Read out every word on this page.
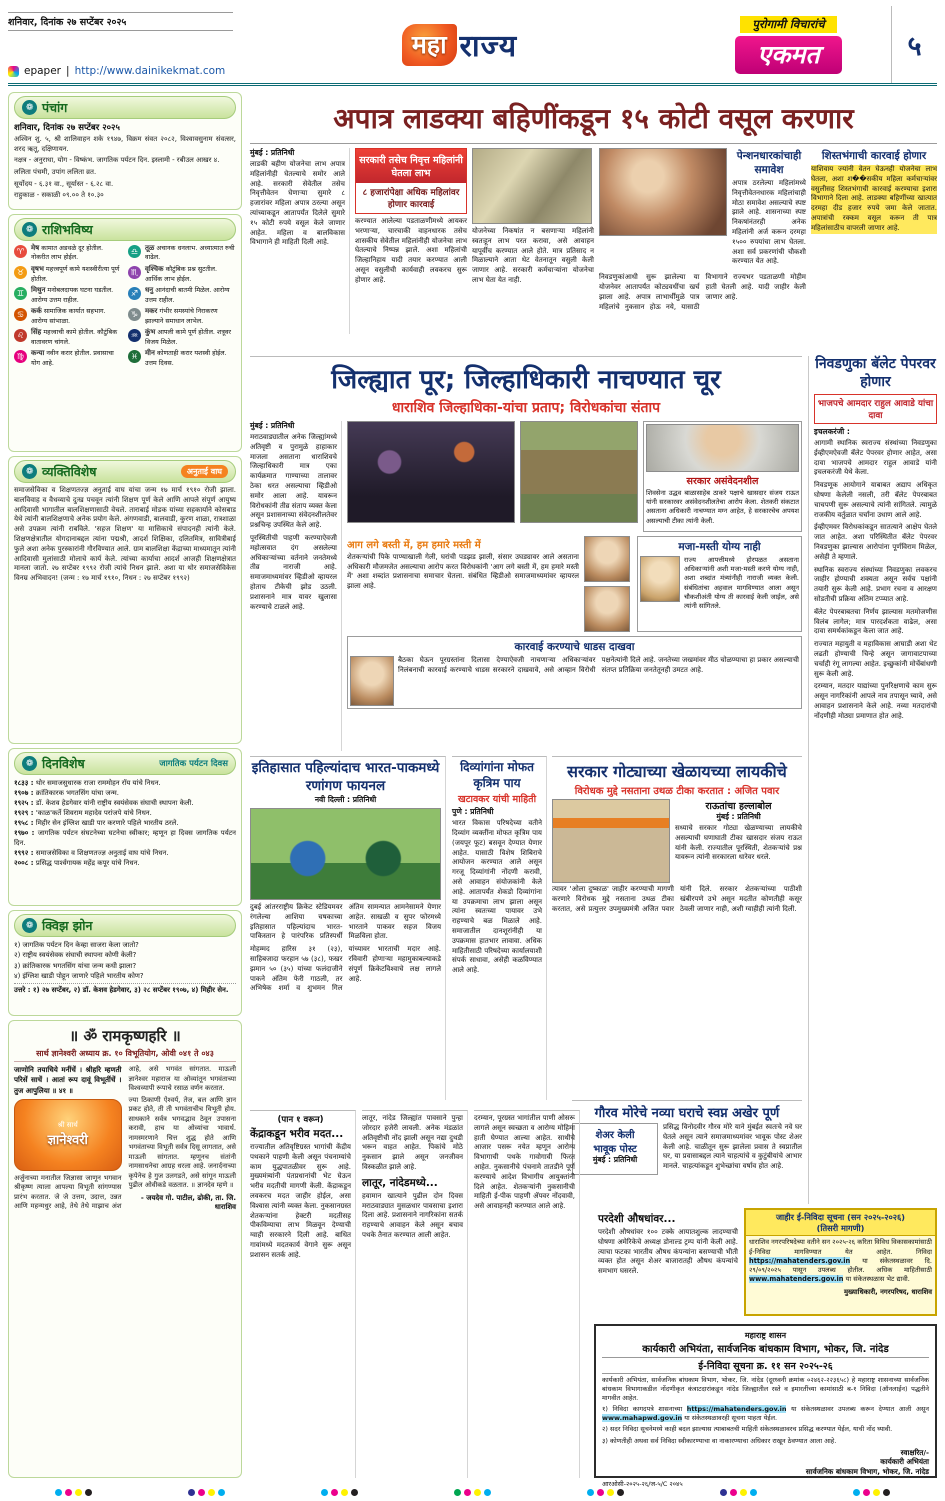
शनिवार, दिनांक २७ सप्टेंबर २०२५
epaper | http://www.dainikekmat.com
महा राज्य
पुरोगामी विचारांचे
एकमत	५
❁ पंचांग
शनिवार, दिनांक २७ सप्टेंबर २०२५
अश्विन शु. ५, श्री शालिवाहन शके १९४७, विक्रम संवत २०८२, विश्वावसुनाम संवत्सर, शरद ऋतू, दक्षिणायन.
नक्षत्र - अनुराधा, योग - विष्कंभ. जागतिक पर्यटन दिन. इस्लामी - रबीउल आखर ४.
ललिता पंचमी, उपांग ललिता व्रत.
सूर्योदय - ६.३१ वा., सूर्यास्त - ६.२८ वा.
राहुकाळ - सकाळी ०९.०० ते १०.३०
❁ राशिभविष्य
♈ मेष कामात अडथळे दूर होतील. नोकरीत लाभ होईल.
♎ तूळ अचानक धनलाभ. अध्यात्मात रुची वाढेल.
♉ वृषभ महत्त्वपूर्ण कामे यशस्वीरीत्या पूर्ण होतील.
♏ वृश्चिक कौटुंबिक प्रश्न सुटतील. आर्थिक लाभ होईल.
♊ मिथुन मनोबलदायक घटना घडतील. आरोग्य उत्तम राहील.
♐ धनु आनंदाची बातमी मिळेल. आरोग्य उत्तम राहील.
♋ कर्क सामाजिक कार्यात सहभाग. आरोग्य सांभाळा.
♑ मकर गंभीर समस्यांचे निराकरण झाल्याने समाधान लाभेल.
♌ सिंह महत्त्वाची कामे होतील. कौटुंबिक वातावरण चांगले.
♒ कुंभ आपली कामे पूर्ण होतील. शत्रूवर विजय मिळेल.
♍ कन्या नवीन करार होतील. प्रवासाचा योग आहे.
♓ मीन कोणताही करार यशस्वी होईल. उत्तम दिवस.
❁ व्यक्तिविशेष	अनुताई वाघ
समाजसेविका व शिक्षणतज्ज्ञ अनुताई वाघ यांचा जन्म १७ मार्च १९१० रोजी झाला. बालविवाह व वैधव्याचे दुःख पचवून त्यांनी शिक्षण पूर्ण केले आणि आपले संपूर्ण आयुष्य आदिवासी भागातील बालशिक्षणासाठी वेचले. ताराबाई मोडक यांच्या सहकार्याने कोसबाड येथे त्यांनी बालशिक्षणाचे अनेक प्रयोग केले. अंगणवाडी, बालवाडी, कुरण शाळा, रात्रशाळा असे उपक्रम त्यांनी राबविले. 'सहज शिक्षण' या मासिकाचे संपादनही त्यांनी केले. शिक्षणक्षेत्रातील योगदानाबद्दल त्यांना पद्मश्री, आदर्श शिक्षिका, दलितमित्र, सावित्रीबाई फुले अशा अनेक पुरस्कारांनी गौरविण्यात आले. ग्राम बालशिक्षा केंद्राच्या माध्यमातून त्यांनी आदिवासी मुलांसाठी मोलाचे कार्य केले. त्यांच्या कार्याचा आदर्श आजही शिक्षणक्षेत्रात मानला जातो. २७ सप्टेंबर १९९२ रोजी त्यांचे निधन झाले. अशा या थोर समाजसेविकेस विनम्र अभिवादन! (जन्म : १७ मार्च १९१०, निधन : २७ सप्टेंबर १९९२)
❁ दिनविशेष	जागतिक पर्यटन दिवस
१८३३ : थोर समाजसुधारक राजा राममोहन रॉय यांचे निधन.
१९०७ : क्रांतिकारक भगतसिंग यांचा जन्म.
१९२५ : डॉ. केशव हेडगेवार यांनी राष्ट्रीय स्वयंसेवक संघाची स्थापना केली.
१९२९ : 'काळ'कर्ते शिवराम महादेव परांजपे यांचे निधन.
१९५८ : मिहीर सेन इंग्लिश खाडी पार करणारे पहिले भारतीय ठरले.
१९७० : जागतिक पर्यटन संघटनेच्या घटनेचा स्वीकार; म्हणून हा दिवस जागतिक पर्यटन दिन.
१९९२ : समाजसेविका व शिक्षणतज्ज्ञ अनुताई वाघ यांचे निधन.
२००८ : प्रसिद्ध पार्श्वगायक महेंद्र कपूर यांचे निधन.
❁ क्विझ झोन
१) जागतिक पर्यटन दिन केव्हा साजरा केला जातो?
२) राष्ट्रीय स्वयंसेवक संघाची स्थापना कोणी केली?
३) क्रांतिकारक भगतसिंग यांचा जन्म कधी झाला?
४) इंग्लिश खाडी पोहून जाणारे पहिले भारतीय कोण?
उत्तरे : १) २७ सप्टेंबर, २) डॉ. केशव हेडगेवार, ३) २८ सप्टेंबर १९०७, ४) मिहीर सेन.
॥ ॐ रामकृष्णहरि ॥
सार्थ ज्ञानेश्वरी अध्याय क्र. १० विभूतियोग, ओवी ०४१ ते ०४३
जाणोनि तयाचिये मनींचें । श्रीहरि म्हणती परिसें साचें । आतां रूप दावूं विभूतींचें । तुज आपुलिया ॥ ४१ ॥
श्री सार्थ
ज्ञानेश्वरी
अर्जुनाच्या मनातील जिज्ञासा जाणून भगवान श्रीकृष्ण त्याला आपल्या विभूती सांगण्यास प्रारंभ करतात. जे जे उत्तम, उदात्त, उन्नत आणि महन्मधुर आहे, तेथे तेथे माझाच अंश आहे, असे भगवंत सांगतात. माऊली ज्ञानेश्वर महाराज या ओव्यांतून भगवंताच्या विश्वव्यापी रूपाचे रसाळ वर्णन करतात.
ज्या ठिकाणी ऐश्वर्य, तेज, बल आणि ज्ञान प्रकट होते, ती ती भगवंताचीच विभूती होय. साधकाने सर्वत्र भगवद्भाव ठेवून उपासना करावी, हाच या ओव्यांचा भावार्थ. नामस्मरणाने चित्त शुद्ध होते आणि भगवंताच्या विभूती सर्वत्र दिसू लागतात, असे माऊली सांगतात. म्हणूनच संतांनी नामसाधनेचा आग्रह धरला आहे. जनार्दनाच्या कृपेनेच हे गुज उलगडते, असे सांगून माऊली पुढील ओवीकडे वळतात. ॥ ज्ञानदेव म्हणे ॥
- जयदेव गो. पाटील, ढोकी, ता. जि. धाराशिव
अपात्र लाडक्या बहिणींकडून १५ कोटी वसूल करणार
मुंबई : प्रतिनिधी

लाडकी बहीण योजनेचा लाभ अपात्र महिलांनीही घेतल्याचे समोर आले आहे. सरकारी सेवेतील तसेच निवृत्तीवेतन घेणाऱ्या सुमारे ८ हजारांवर महिला अपात्र ठरल्या असून त्यांच्याकडून आतापर्यंत दिलेले सुमारे १५ कोटी रुपये वसूल केले जाणार आहेत. महिला व बालविकास विभागाने ही माहिती दिली आहे.

सरकारी तसेच निवृत्त महिलांनी घेतला लाभ
८ हजारांपेक्षा अधिक महिलांवर होणार कारवाई

करण्यात आलेल्या पडताळणीमध्ये आयकर भरणाऱ्या, चारचाकी वाहनधारक तसेच शासकीय सेवेतील महिलांनीही योजनेचा लाभ घेतल्याचे निष्पन्न झाले. अशा महिलांची जिल्हानिहाय यादी तयार करण्यात आली असून वसुलीची कार्यवाही लवकरच सुरू होणार आहे.

योजनेच्या निकषांत न बसणाऱ्या महिलांनी स्वतःहून लाभ परत करावा, असे आवाहन यापूर्वीच करण्यात आले होते. मात्र प्रतिसाद न मिळाल्याने आता थेट वेतनातून वसुली केली जाणार आहे. सरकारी कर्मचाऱ्यांना योजनेचा लाभ घेता येत नाही.

पेन्शनधारकांचाही समावेश

अपात्र ठरलेल्या महिलांमध्ये निवृत्तीवेतनधारक महिलांचाही मोठा समावेश असल्याचे स्पष्ट झाले आहे. शासनाच्या स्पष्ट निकषांनंतरही अनेक महिलांनी अर्ज करून दरमहा १५०० रुपयांचा लाभ घेतला. अशा सर्व प्रकरणांची चौकशी करण्यात येत आहे.

निवडणुकांआधी सुरू झालेल्या या योजनेवर आतापर्यंत कोट्यवधींचा खर्च झाला आहे. अपात्र लाभार्थींमुळे पात्र महिलांचे नुकसान होऊ नये, यासाठी विभागाने राज्यभर पडताळणी मोहीम हाती घेतली आहे. यादी जाहीर केली जाणार आहे.

शिस्तभंगाची कारवाई होणार

याशिवाय ज्यांनी वेतन घेऊनही योजनेचा लाभ घेतला, अशा श��सकीय महिला कर्मचाऱ्यांवर वसुलीसह शिस्तभंगाची कारवाई करण्याचा इशारा विभागाने दिला आहे. लाडक्या बहिणींच्या खात्यात दरमहा दीड हजार रुपये जमा केले जातात. अपात्रांची रक्कम वसूल करून ती पात्र महिलांसाठीच वापरली जाणार आहे.

जिल्ह्यात पूर; जिल्हाधिकारी नाचण्यात चूर
धाराशिव जिल्हाधिका-यांचा प्रताप; विरोधकांचा संताप
मुंबई : प्रतिनिधी

मराठवाड्यातील अनेक जिल्ह्यांमध्ये अतिवृष्टी व पुरामुळे हाहाकार माजला असताना धाराशिवचे जिल्हाधिकारी मात्र एका कार्यक्रमात गाण्याच्या तालावर ठेका धरत असल्याचा व्हिडीओ समोर आला आहे. यावरून विरोधकांनी तीव्र संताप व्यक्त केला असून प्रशासनाच्या संवेदनशीलतेवर प्रश्नचिन्ह उपस्थित केले आहे.

पूरस्थितीची पाहणी करण्याऐवजी महोत्सवात दंग असलेल्या अधिकाऱ्यांच्या वर्तनाने जनतेमध्ये तीव्र नाराजी आहे. समाजमाध्यमांवर व्हिडीओ व्हायरल होताच टीकेची झोड उठली. प्रशासनाने मात्र यावर खुलासा करण्याचे टाळले आहे.

सरकार असंवेदनशील

शिवसेना उद्धव बाळासाहेब ठाकरे पक्षाचे खासदार संजय राऊत यांनी सरकारवर असंवेदनशीलतेचा आरोप केला. शेतकरी संकटात असताना अधिकारी नाचण्यात मग्न आहेत, हे सरकारचेच अपयश असल्याची टीका त्यांनी केली.

आग लगे बस्ती में, हम हमारे मस्ती में

शेतकऱ्यांची पिके पाण्याखाली गेली, घरांची पडझड झाली, संसार उघड्यावर आले असताना अधिकारी मौजमजेत असल्याचा आरोप करत विरोधकांनी 'आग लगे बस्ती में, हम हमारे मस्ती में' अशा शब्दांत प्रशासनाचा समाचार घेतला. संबंधित व्हिडीओ समाजमाध्यमांवर व्हायरल झाला आहे.

मजा-मस्ती योग्य नाही

राज्य आपत्तीमध्ये होरपळत असताना अधिकाऱ्यांनी अशी मजा-मस्ती करणे योग्य नाही, अशा शब्दांत मंत्र्यांनीही नाराजी व्यक्त केली. संबंधितांचा अहवाल मागविण्यात आला असून चौकशीअंती योग्य ती कारवाई केली जाईल, असे त्यांनी सांगितले.

कारवाई करण्याचे धाडस दाखवा

बैठका घेऊन पूरग्रस्तांना दिलासा देण्याऐवजी नाचणाऱ्या अधिकाऱ्यांवर निलंबनाची कारवाई करण्याचे धाडस सरकारने दाखवावे, असे आव्हान विरोधी पक्षनेत्यांनी दिले आहे. जनतेच्या जखमांवर मीठ चोळण्याचा हा प्रकार असल्याची संतप्त प्रतिक्रिया जनतेतूनही उमटत आहे.

निवडणुका बॅलेट पेपरवर होणार
भाजपचे आमदार राहुल आवाडे यांचा दावा
इचलकरंजी :

आगामी स्थानिक स्वराज्य संस्थांच्या निवडणुका ईव्हीएमऐवजी बॅलेट पेपरवर होणार आहेत, असा दावा भाजपचे आमदार राहुल आवाडे यांनी इचलकरंजी येथे केला.

निवडणूक आयोगाने याबाबत अद्याप अधिकृत घोषणा केलेली नसली, तरी बॅलेट पेपरबाबत चाचपणी सुरू असल्याचे त्यांनी सांगितले. त्यामुळे राजकीय वर्तुळात चर्चांना उधाण आले आहे.

ईव्हीएमवर विरोधकांकडून सातत्याने आक्षेप घेतले जात आहेत. अशा परिस्थितीत बॅलेट पेपरवर निवडणुका झाल्यास आरोपांना पूर्णविराम मिळेल, असेही ते म्हणाले.

स्थानिक स्वराज्य संस्थांच्या निवडणुका लवकरच जाहीर होण्याची शक्यता असून सर्वच पक्षांनी तयारी सुरू केली आहे. प्रभाग रचना व आरक्षण सोडतीची प्रक्रिया अंतिम टप्प्यात आहे.

बॅलेट पेपरबाबतचा निर्णय झाल्यास मतमोजणीस विलंब लागेल; मात्र पारदर्शकता वाढेल, असा दावा समर्थकांकडून केला जात आहे.

राज्यात महायुती व महाविकास आघाडी अशा थेट लढती होण्याची चिन्हे असून जागावाटपाच्या चर्चाही रंगू लागल्या आहेत. इच्छुकांनी मोर्चेबांधणी सुरू केली आहे.

दरम्यान, मतदार याद्यांच्या पुनरिक्षणाचे काम सुरू असून नागरिकांनी आपले नाव तपासून घ्यावे, असे आवाहन प्रशासनाने केले आहे. नव्या मतदारांची नोंदणीही मोठ्या प्रमाणात होत आहे.

इतिहासात पहिल्यांदाच भारत-पाकमध्ये रणांगण फायनल
नवी दिल्ली : प्रतिनिधी

दुबई आंतरराष्ट्रीय क्रिकेट स्टेडियमवर रंगलेल्या आशिया चषकाच्या इतिहासात पहिल्यांदाच भारत-पाकिस्तान हे पारंपरिक प्रतिस्पर्धी अंतिम सामन्यात आमनेसामने येणार आहेत. साखळी व सुपर फोरमध्ये भारताने पाकवर सहज विजय मिळविला होता.

मोहम्मद हारिस ३१ (२३), साहिबजादा फरहान ५७ (३८), फखर झमान ५० (३५) यांच्या फलंदाजीने पाकने अंतिम फेरी गाठली, तर अभिषेक शर्मा व शुभमन गिल यांच्यावर भारताची मदार आहे. रविवारी होणाऱ्या महामुकाबल्याकडे संपूर्ण क्रिकेटविश्वाचे लक्ष लागले आहे.

दिव्यांगांना मोफत कृत्रिम पाय
खटावकर यांची माहिती
पुणे : प्रतिनिधी

भारत विकास परिषदेच्या वतीने दिव्यांग व्यक्तींना मोफत कृत्रिम पाय (जयपूर फूट) बसवून देण्यात येणार आहेत. यासाठी विशेष शिबिराचे आयोजन करण्यात आले असून गरजू दिव्यांगांनी नोंदणी करावी, असे आवाहन संयोजकांनी केले आहे. आतापर्यंत शेकडो दिव्यांगांना या उपक्रमाचा लाभ झाला असून त्यांना स्वतःच्या पायावर उभे राहण्याचे बळ मिळाले आहे. समाजातील दानशूरांनीही या उपक्रमास हातभार लावावा. अधिक माहितीसाठी परिषदेच्या कार्यालयाशी संपर्क साधावा, असेही कळविण्यात आले आहे.

सरकार गोट्याच्या खेळायच्या लायकीचे
विरोधक मुद्दे नसताना उथळ टीका करतात : अजित पवार
राऊतांचा हल्लाबोल
मुंबई : प्रतिनिधी

सध्याचे सरकार गोट्या खेळण्याच्या लायकीचे असल्याची घणाघाती टीका खासदार संजय राऊत यांनी केली. राज्यातील पूरस्थिती, शेतकऱ्यांचे प्रश्न यावरून त्यांनी सरकारला धारेवर धरले.

त्यावर 'ओला दुष्काळ' जाहीर करण्याची मागणी करणारे विरोधक मुद्दे नसताना उथळ टीका करतात, असे प्रत्युत्तर उपमुख्यमंत्री अजित पवार यांनी दिले. सरकार शेतकऱ्यांच्या पाठीशी खंबीरपणे उभे असून मदतीत कोणतीही कसूर ठेवली जाणार नाही, अशी ग्वाहीही त्यांनी दिली.

गौरव मोरेचे नव्या घराचे स्वप्न अखेर पूर्ण
शेअर केली
भावूक पोस्ट
मुंबई : प्रतिनिधी

प्रसिद्ध विनोदवीर गौरव मोरे याने मुंबईत स्वतःचे नवे घर घेतले असून त्याने समाजमाध्यमांवर भावूक पोस्ट शेअर केली आहे. चाळीतून सुरू झालेला प्रवास ते स्वप्नातील घर, या प्रवासाबद्दल त्याने चाहत्यांचे व कुटुंबीयांचे आभार मानले. चाहत्यांकडून शुभेच्छांचा वर्षाव होत आहे.

(पान १ वरून)
केंद्राकडून भरीव मदत...

राज्यातील अतिवृष्टिग्रस्त भागांची केंद्रीय पथकाने पाहणी केली असून पंचनाम्यांचे काम युद्धपातळीवर सुरू आहे. मुख्यमंत्र्यांनी पंतप्रधानांची भेट घेऊन भरीव मदतीची मागणी केली. केंद्राकडून लवकरच मदत जाहीर होईल, असा विश्वास त्यांनी व्यक्त केला. नुकसानग्रस्त शेतकऱ्यांना हेक्टरी मदतीसह पीकविम्याचा लाभ मिळवून देण्याची ग्वाही सरकारने दिली आहे. बाधित गावांमध्ये मदतकार्य वेगाने सुरू असून प्रशासन सतर्क आहे.

लातूर, नांदेड जिल्ह्यांत पावसाने पुन्हा जोरदार हजेरी लावली. अनेक मंडळांत अतिवृष्टीची नोंद झाली असून नद्या दुथडी भरून वाहत आहेत. पिकांचे मोठे नुकसान झाले असून जनजीवन विस्कळीत झाले आहे.

लातूर, नांदेडमध्ये...

हवामान खात्याने पुढील दोन दिवस मराठवाड्यात मुसळधार पावसाचा इशारा दिला आहे. प्रशासनाने नागरिकांना सतर्क राहण्याचे आवाहन केले असून बचाव पथके तैनात करण्यात आली आहेत.

दरम्यान, पूरग्रस्त भागांतील पाणी ओसरू लागले असून स्वच्छता व आरोग्य मोहिमा हाती घेण्यात आल्या आहेत. साथीचे आजार पसरू नयेत म्हणून आरोग्य विभागाची पथके गावोगावी फिरत आहेत. नुकसानीचे पंचनामे तातडीने पूर्ण करण्याचे आदेश विभागीय आयुक्तांनी दिले आहेत. शेतकऱ्यांनी नुकसानीची माहिती ई-पीक पाहणी ॲपवर नोंदवावी, असे आवाहनही करण्यात आले आहे.

परदेशी औषधांवर...

परदेशी औषधांवर १०० टक्के आयातशुल्क लादण्याची घोषणा अमेरिकेचे अध्यक्ष डोनाल्ड ट्रम्प यांनी केली आहे. त्याचा फटका भारतीय औषध कंपन्यांना बसण्याची भीती व्यक्त होत असून शेअर बाजारातही औषध कंपन्यांचे समभाग घसरले.

जाहीर ई-निविदा सूचना (सन २०२५-२०२६)
(तिसरी मागणी)

धाराशिव नगरपरिषदेच्या वतीने सन २०२५-२६ करिता विविध विकासकामांसाठी ई-निविदा मागविण्यात येत आहेत. निविदा https://mahatenders.gov.in या संकेतस्थळावर दि. २९/०९/२०२५ पासून उपलब्ध होतील. अधिक माहितीसाठी www.mahatenders.gov.in या संकेतस्थळास भेट द्यावी.

मुख्याधिकारी, नगरपरिषद, धाराशिव
महाराष्ट्र शासन
कार्यकारी अभियंता, सार्वजनिक बांधकाम विभाग, भोकर, जि. नांदेड
ई-निविदा सूचना क्र. ११ सन २०२५-२६

कार्यकारी अभियंता, सार्वजनिक बांधकाम विभाग, भोकर, जि. नांदेड (दूरध्वनी क्रमांक ०२४६२-२२३६५८) हे महाराष्ट्र शासनाच्या सार्वजनिक बांधकाम विभागाकडील नोंदणीकृत कंत्राटदारांकडून नांदेड जिल्ह्यातील रस्ते व इमारतींच्या कामांसाठी ब-१ निविदा (ऑनलाईन) पद्धतीने मागवीत आहेत.

१) निविदा कागदपत्रे शासनाच्या https://mahatenders.gov.in या संकेतस्थळावर उपलब्ध करून देण्यात आली असून www.mahapwd.gov.in या संकेतस्थळावरही सूचना पाहता येईल.

२) सदर निविदा सूचनेमध्ये काही बदल झाल्यास त्याबाबतची माहिती संकेतस्थळावरच प्रसिद्ध करण्यात येईल, याची नोंद घ्यावी.

३) कोणतीही अथवा सर्व निविदा स्वीकारण्याचा वा नाकारण्याचा अधिकार राखून ठेवण्यात आला आहे.

स्वाक्षरित/-
कार्यकारी अभियंता
सार्वजनिक बांधकाम विभाग, भोकर, जि. नांदेड
आरओसी-२०२५-२६/ज-५/C २०४५
